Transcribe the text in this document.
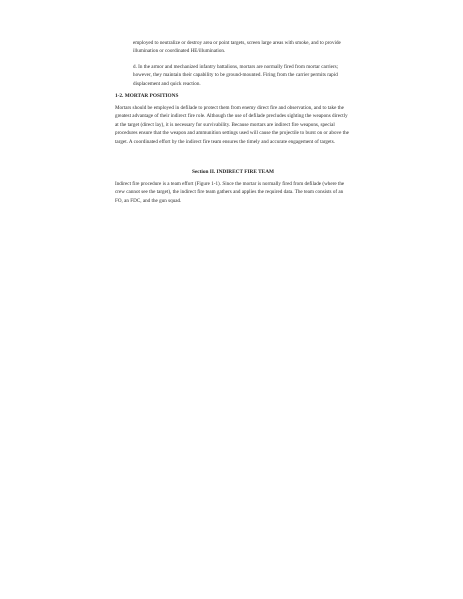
employed to neutralize or destroy area or point targets, screen large areas with smoke, and to provide illumination or coordinated HE/illumination.

d. In the armor and mechanized infantry battalions, mortars are normally fired from mortar carriers; however, they maintain their capability to be ground-mounted. Firing from the carrier permits rapid displacement and quick reaction.

1-2. MORTAR POSITIONS

Mortars should be employed in defilade to protect them from enemy direct fire and observation, and to take the greatest advantage of their indirect fire role. Although the use of defilade precludes sighting the weapons directly at the target (direct lay), it is necessary for survivability. Because mortars are indirect fire weapons, special procedures ensure that the weapon and ammunition settings used will cause the projectile to burst on or above the target. A coordinated effort by the indirect fire team ensures the timely and accurate engagement of targets.

Section II. INDIRECT FIRE TEAM

Indirect fire procedure is a team effort (Figure 1-1). Since the mortar is normally fired from defilade (where the crew cannot see the target), the indirect fire team gathers and applies the required data. The team consists of an FO, an FDC, and the gun squad.
